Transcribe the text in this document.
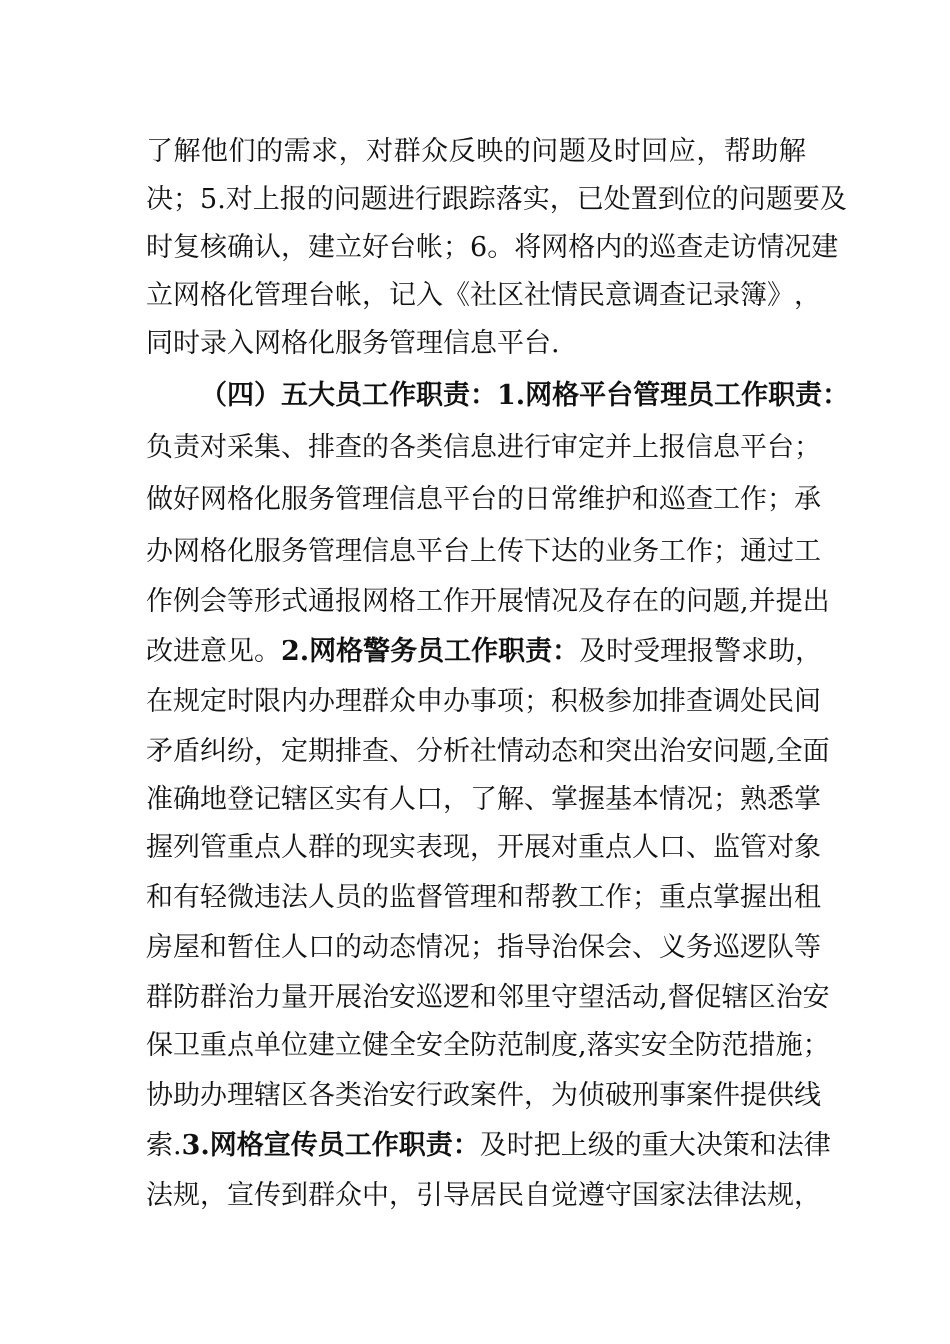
了 解 他 们 的 需 求 ， 对 群 众 反 映 的 问 题 及 时 回 应 ， 帮 助 解
决 ； 5 . 对 上 报 的 问 题 进 行 跟 踪 落 实 ， 已 处 置 到 位 的 问 题 要 及
时 复 核 确 认 ， 建 立 好 台 帐 ； 6 。 将 网 格 内 的 巡 查 走 访 情 况 建
立 网 格 化 管 理 台 帐 ， 记 入 《 社 区 社 情 民 意 调 查 记 录 簿 》 ，
同时录入网格化服务管理信息平台.
（四）五大员工作职责：1.网格平台管理员工作职责：
负 责 对 采 集 、 排 查 的 各 类 信 息 进 行 审 定 并 上 报 信 息 平 台 ；
做 好 网 格 化 服 务 管 理 信 息 平 台 的 日 常 维 护 和 巡 查 工 作 ； 承
办 网 格 化 服 务 管 理 信 息 平 台 上 传 下 达 的 业 务 工 作 ； 通 过 工
作 例 会 等 形 式 通 报 网 格 工 作 开 展 情 况 及 存 在 的 问 题 , 并 提 出
改进意见。 2.网格警务员工作职责： 及时受理报警求助，
在 规 定 时 限 内 办 理 群 众 申 办 事 项 ； 积 极 参 加 排 查 调 处 民 间
矛 盾 纠 纷 ， 定 期 排 查 、 分 析 社 情 动 态 和 突 出 治 安 问 题 , 全 面
准 确 地 登 记 辖 区 实 有 人 口 ， 了 解 、 掌 握 基 本 情 况 ； 熟 悉 掌
握 列 管 重 点 人 群 的 现 实 表 现 ， 开 展 对 重 点 人 口 、 监 管 对 象
和 有 轻 微 违 法 人 员 的 监 督 管 理 和 帮 教 工 作 ； 重 点 掌 握 出 租
房 屋 和 暂 住 人 口 的 动 态 情 况 ； 指 导 治 保 会 、 义 务 巡 逻 队 等
群 防 群 治 力 量 开 展 治 安 巡 逻 和 邻 里 守 望 活 动 , 督 促 辖 区 治 安
保 卫 重 点 单 位 建 立 健 全 安 全 防 范 制 度 , 落 实 安 全 防 范 措 施 ；
协 助 办 理 辖 区 各 类 治 安 行 政 案 件 ， 为 侦 破 刑 事 案 件 提 供 线
索. 3.网格宣传员工作职责： 及时把上级的重大决策和法律
法 规 ， 宣 传 到 群 众 中 ， 引 导 居 民 自 觉 遵 守 国 家 法 律 法 规 ，
